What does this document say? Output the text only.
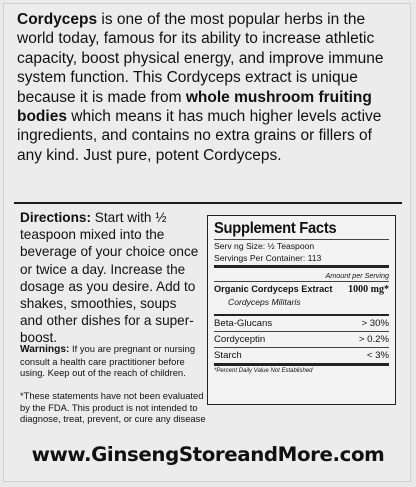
Cordyceps is one of the most popular herbs in the world today, famous for its ability to increase athletic capacity, boost physical energy, and improve immune system function. This Cordyceps extract is unique because it is made from whole mushroom fruiting bodies which means it has much higher levels active ingredients, and contains no extra grains or fillers of any kind. Just pure, potent Cordyceps.
Directions: Start with ½ teaspoon mixed into the beverage of your choice once or twice a day. Increase the dosage as you desire. Add to shakes, smoothies, soups and other dishes for a super-boost.
Warnings: If you are pregnant or nursing consult a health care practitioner before using. Keep out of the reach of children.
*These statements have not been evaluated by the FDA. This product is not intended to diagnose, treat, prevent, or cure any disease
Supplement Facts
Serv ng Size: ½ Teaspoon
Servings Per Container: 113
Amount per Serving
Organic Cordyceps Extract 1000 mg*
Cordyceps Militaris
Beta-Glucans	> 30%
Cordyceptin	> 0.2%
Starch	< 3%
*Percent Daily Value Not Established
www.GinsengStoreandMore.com
